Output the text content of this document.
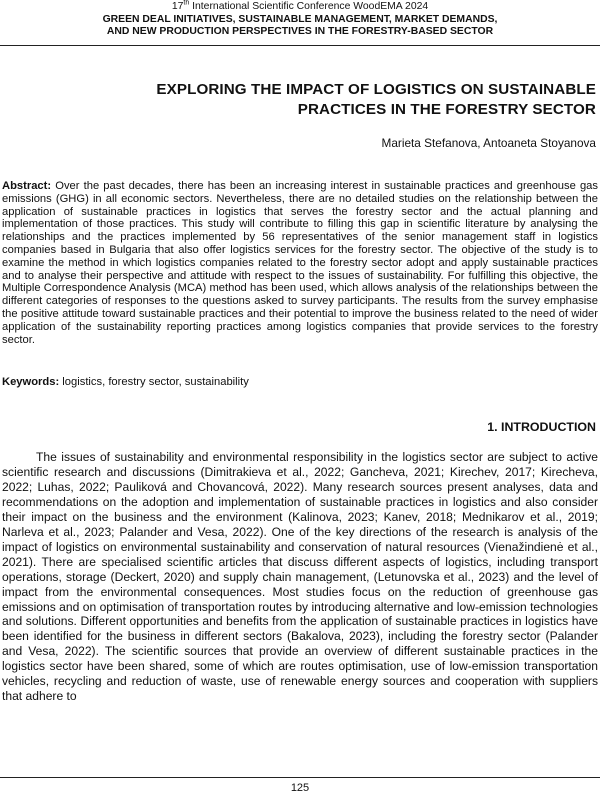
17th International Scientific Conference WoodEMA 2024
GREEN DEAL INITIATIVES, SUSTAINABLE MANAGEMENT, MARKET DEMANDS,
AND NEW PRODUCTION PERSPECTIVES IN THE FORESTRY-BASED SECTOR
EXPLORING THE IMPACT OF LOGISTICS ON SUSTAINABLE
PRACTICES IN THE FORESTRY SECTOR
Marieta Stefanova, Antoaneta Stoyanova
Abstract: Over the past decades, there has been an increasing interest in sustainable practices and greenhouse gas emissions (GHG) in all economic sectors. Nevertheless, there are no detailed studies on the relationship between the application of sustainable practices in logistics that serves the forestry sector and the actual planning and implementation of those practices. This study will contribute to filling this gap in scientific literature by analysing the relationships and the practices implemented by 56 representatives of the senior management staff in logistics companies based in Bulgaria that also offer logistics services for the forestry sector. The objective of the study is to examine the method in which logistics companies related to the forestry sector adopt and apply sustainable practices and to analyse their perspective and attitude with respect to the issues of sustainability. For fulfilling this objective, the Multiple Correspondence Analysis (MCA) method has been used, which allows analysis of the relationships between the different categories of responses to the questions asked to survey participants. The results from the survey emphasise the positive attitude toward sustainable practices and their potential to improve the business related to the need of wider application of the sustainability reporting practices among logistics companies that provide services to the forestry sector.
Keywords: logistics, forestry sector, sustainability
1. INTRODUCTION
The issues of sustainability and environmental responsibility in the logistics sector are subject to active scientific research and discussions (Dimitrakieva et al., 2022; Gancheva, 2021; Kirechev, 2017; Kirecheva, 2022; Luhas, 2022; Pauliková and Chovancová, 2022). Many research sources present analyses, data and recommendations on the adoption and implementation of sustainable practices in logistics and also consider their impact on the business and the environment (Kalinova, 2023; Kanev, 2018; Mednikarov et al., 2019; Narleva et al., 2023; Palander and Vesa, 2022). One of the key directions of the research is analysis of the impact of logistics on environmental sustainability and conservation of natural resources (Vienažindienė et al., 2021). There are specialised scientific articles that discuss different aspects of logistics, including transport operations, storage (Deckert, 2020) and supply chain management, (Letunovska et al., 2023) and the level of impact from the environmental consequences. Most studies focus on the reduction of greenhouse gas emissions and on optimisation of transportation routes by introducing alternative and low-emission technologies and solutions. Different opportunities and benefits from the application of sustainable practices in logistics have been identified for the business in different sectors (Bakalova, 2023), including the forestry sector (Palander and Vesa, 2022). The scientific sources that provide an overview of different sustainable practices in the logistics sector have been shared, some of which are routes optimisation, use of low-emission transportation vehicles, recycling and reduction of waste, use of renewable energy sources and cooperation with suppliers that adhere to
125
